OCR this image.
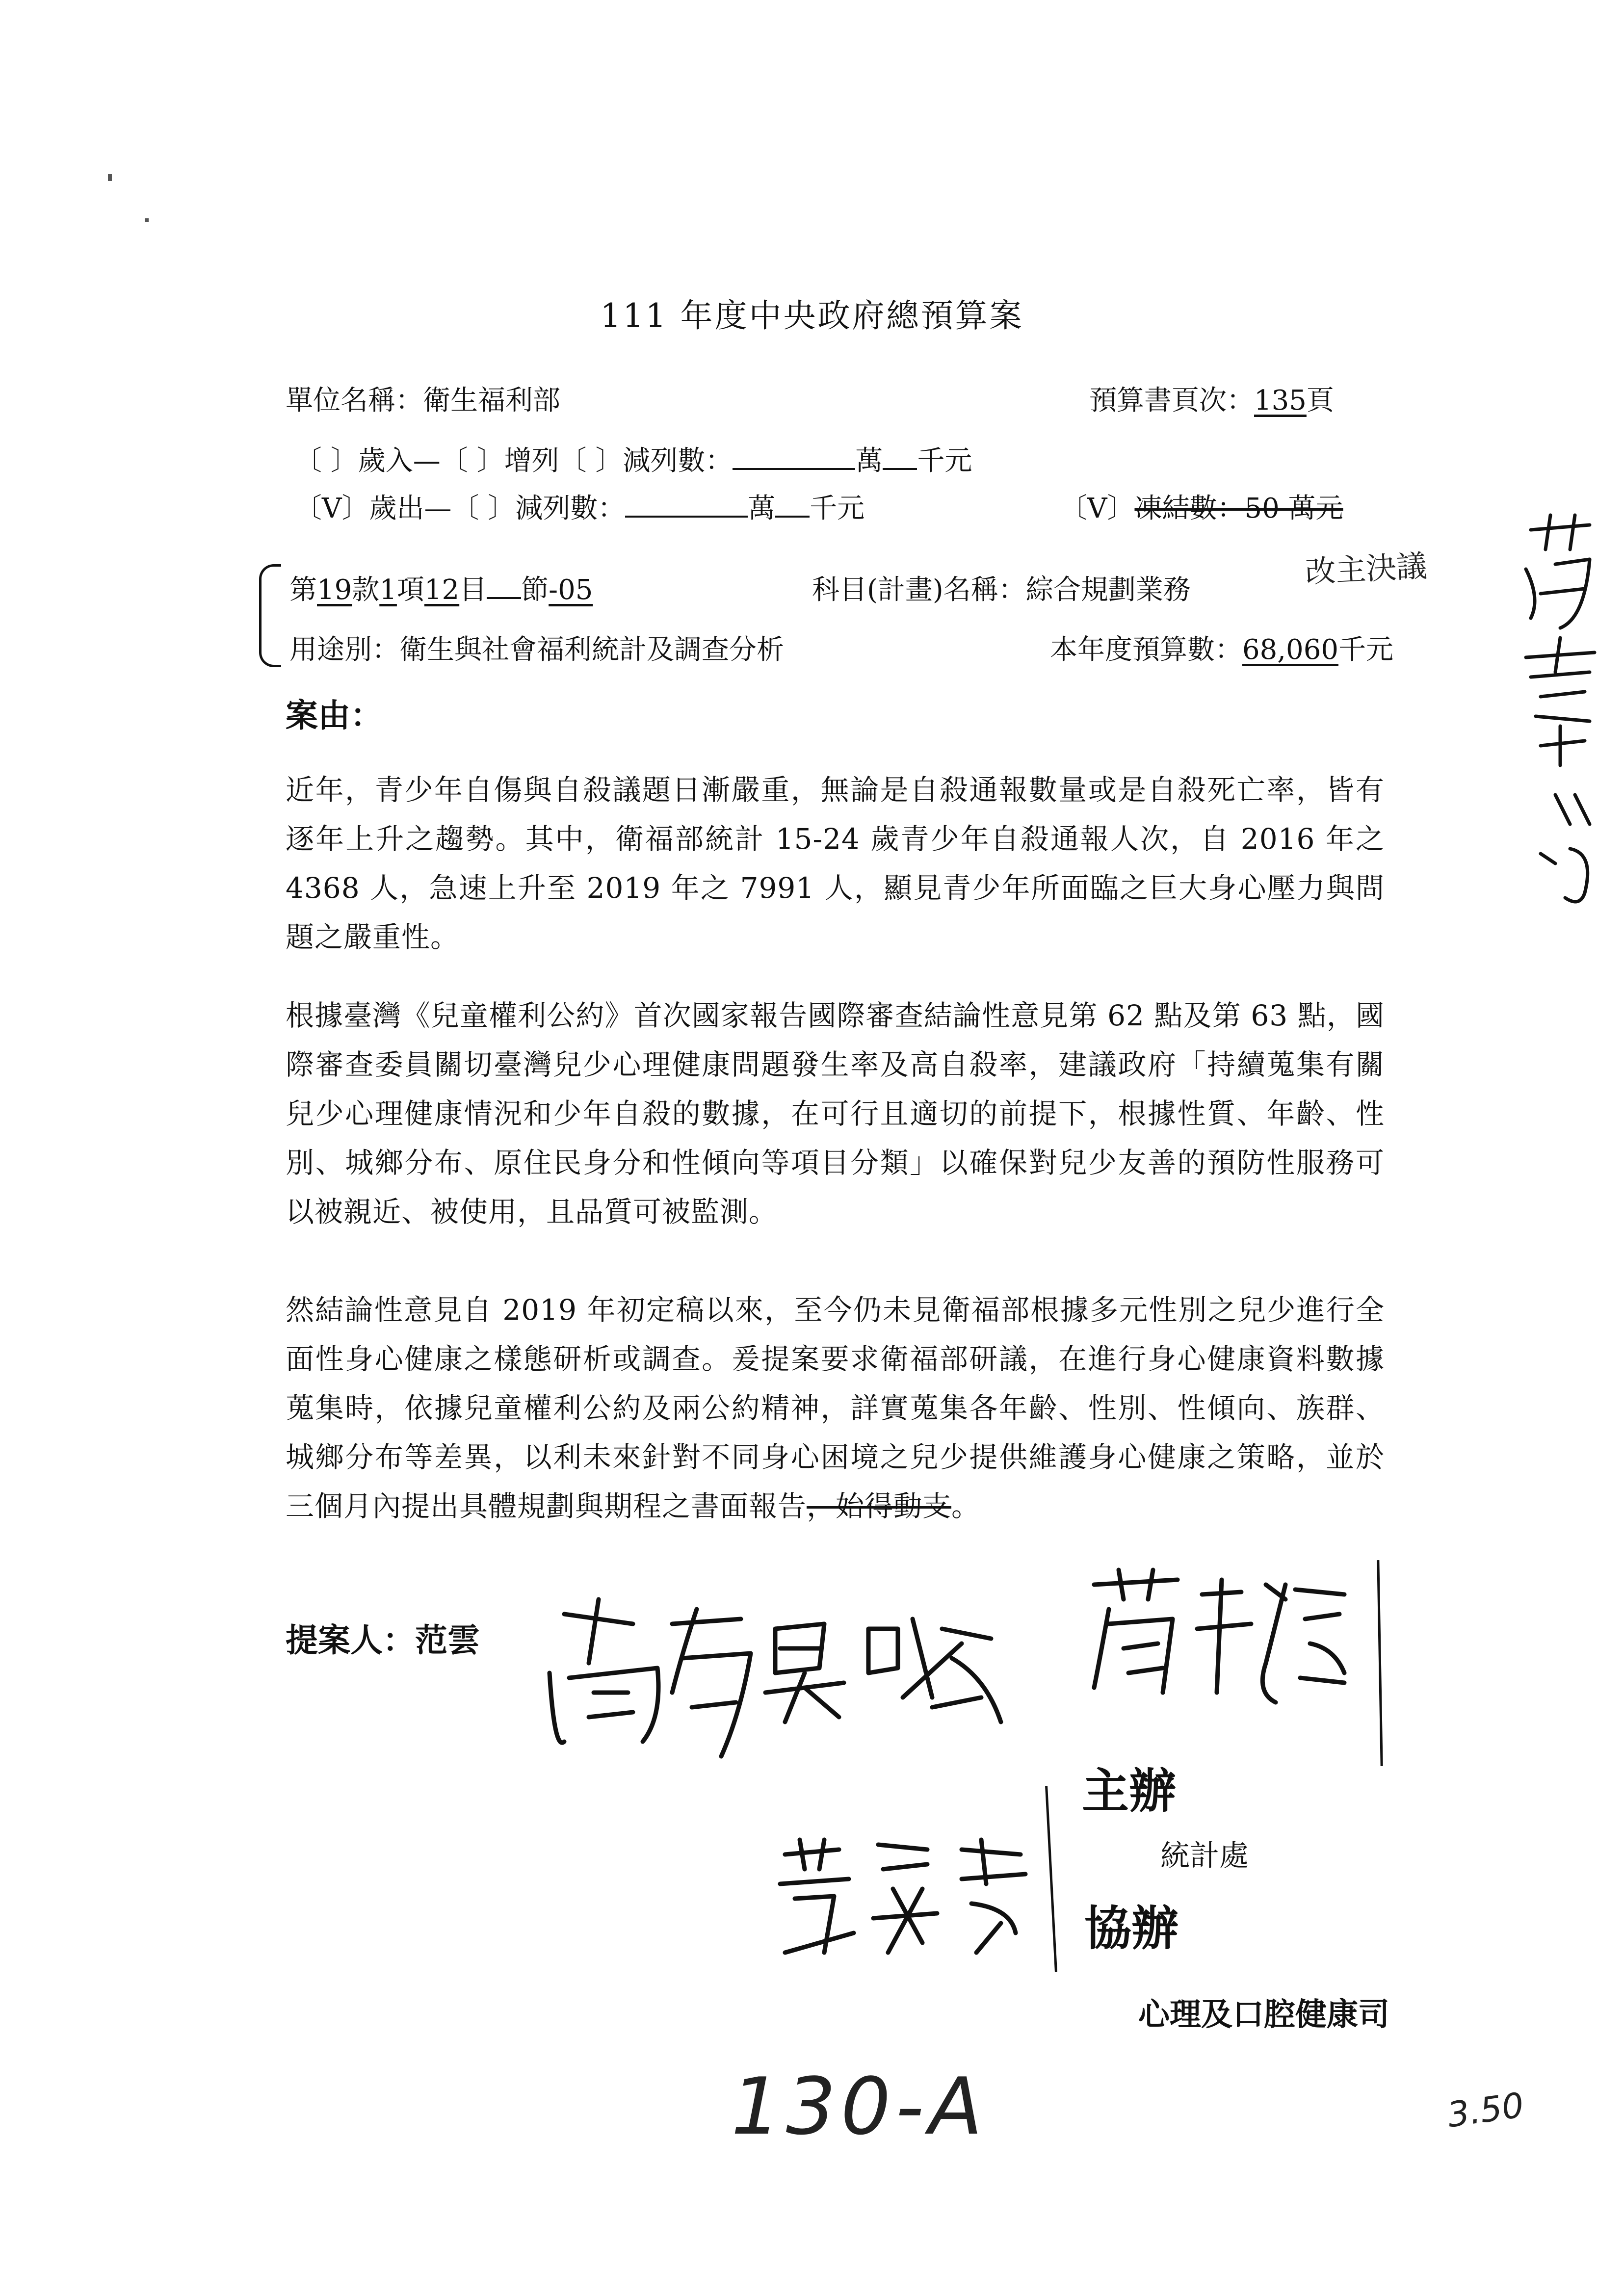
111 年度中央政府總預算案
單位名稱：衛生福利部	預算書頁次：135頁
〔 〕歲入—〔 〕增列〔 〕減列數：	萬 千元
〔V〕歲出—〔 〕減列數：	萬 千元	〔V〕凍結數：50 萬元
第19款1項12目 節-05	科目(計畫)名稱：綜合規劃業務
改主決議
用途別：衛生與社會福利統計及調查分析	本年度預算數：68,060千元
案由：
近年，青少年自傷與自殺議題日漸嚴重，無論是自殺通報數量或是自殺死亡率，皆有逐年上升之趨勢。其中，衛福部統計 15-24 歲青少年自殺通報人次，自 2016 年之 4368 人，急速上升至 2019 年之 7991 人，顯見青少年所面臨之巨大身心壓力與問題之嚴重性。
根據臺灣《兒童權利公約》首次國家報告國際審查結論性意見第 62 點及第 63 點，國際審查委員關切臺灣兒少心理健康問題發生率及高自殺率，建議政府「持續蒐集有關兒少心理健康情況和少年自殺的數據，在可行且適切的前提下，根據性質、年齡、性別、城鄉分布、原住民身分和性傾向等項目分類」以確保對兒少友善的預防性服務可以被親近、被使用，且品質可被監測。
然結論性意見自 2019 年初定稿以來，至今仍未見衛福部根據多元性別之兒少進行全面性身心健康之樣態研析或調查。爰提案要求衛福部研議，在進行身心健康資料數據蒐集時，依據兒童權利公約及兩公約精神，詳實蒐集各年齡、性別、性傾向、族群、城鄉分布等差異，以利未來針對不同身心困境之兒少提供維護身心健康之策略，並於三個月內提出具體規劃與期程之書面報告，始得動支。
提案人：范雲
主辦
統計處
協辦
心理及口腔健康司
130-A	3.50
